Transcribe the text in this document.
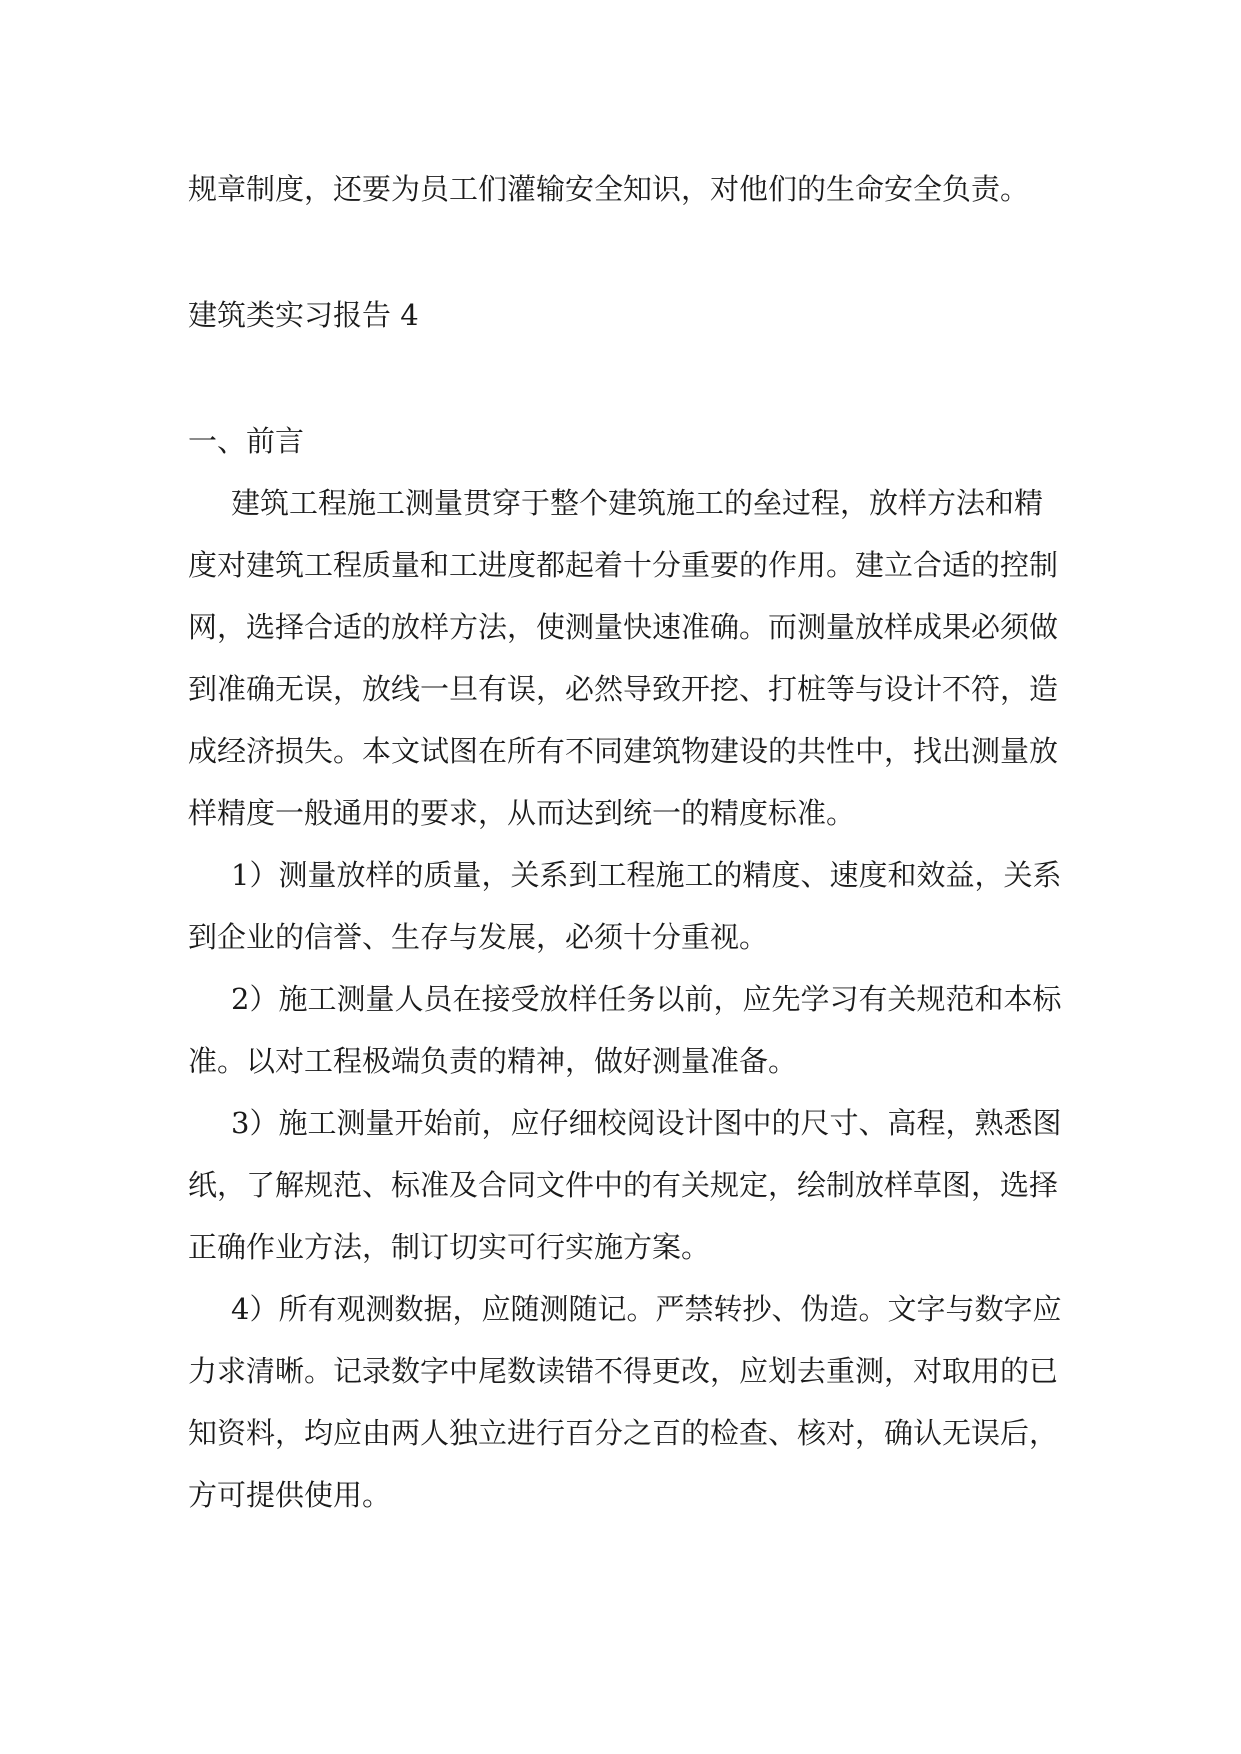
规章制度，还要为员工们灌输安全知识，对他们的生命安全负责。

建筑类实习报告 4

一、前言

建筑工程施工测量贯穿于整个建筑施工的垒过程，放样方法和精

度对建筑工程质量和工进度都起着十分重要的作用。建立合适的控制

网，选择合适的放样方法，使测量快速准确。而测量放样成果必须做

到准确无误，放线一旦有误，必然导致开挖、打桩等与设计不符，造

成经济损失。本文试图在所有不同建筑物建设的共性中，找出测量放

样精度一般通用的要求，从而达到统一的精度标准。

1）测量放样的质量，关系到工程施工的精度、速度和效益，关系

到企业的信誉、生存与发展，必须十分重视。

2）施工测量人员在接受放样任务以前，应先学习有关规范和本标

准。以对工程极端负责的精神，做好测量准备。

3）施工测量开始前，应仔细校阅设计图中的尺寸、高程，熟悉图

纸，了解规范、标准及合同文件中的有关规定，绘制放样草图，选择

正确作业方法，制订切实可行实施方案。

4）所有观测数据，应随测随记。严禁转抄、伪造。文字与数字应

力求清晰。记录数字中尾数读错不得更改，应划去重测，对取用的已

知资料，均应由两人独立进行百分之百的检查、核对，确认无误后，

方可提供使用。
